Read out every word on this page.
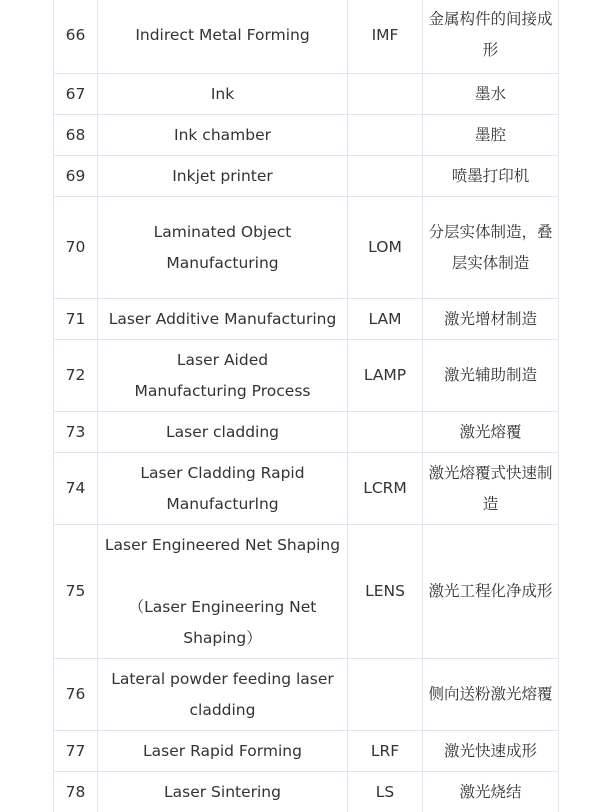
66	Indirect Metal Forming	IMF	金属构件的间接成
形

67	Ink		墨水

68	Ink chamber		墨腔

69	Inkjet printer		喷墨打印机

70	Laminated Object
Manufacturing	LOM	分层实体制造，叠
层实体制造

71	Laser Additive Manufacturing	LAM	激光增材制造

72	Laser Aided
Manufacturing Process	LAMP	激光辅助制造

73	Laser cladding		激光熔覆

74	Laser Cladding Rapid
Manufacturlng	LCRM	激光熔覆式快速制
造

75	Laser Engineered Net Shaping

（Laser Engineering Net
Shaping）	LENS	激光工程化净成形

76	Lateral powder feeding laser
cladding		侧向送粉激光熔覆

77	Laser Rapid Forming	LRF	激光快速成形

78	Laser Sintering	LS	激光烧结
